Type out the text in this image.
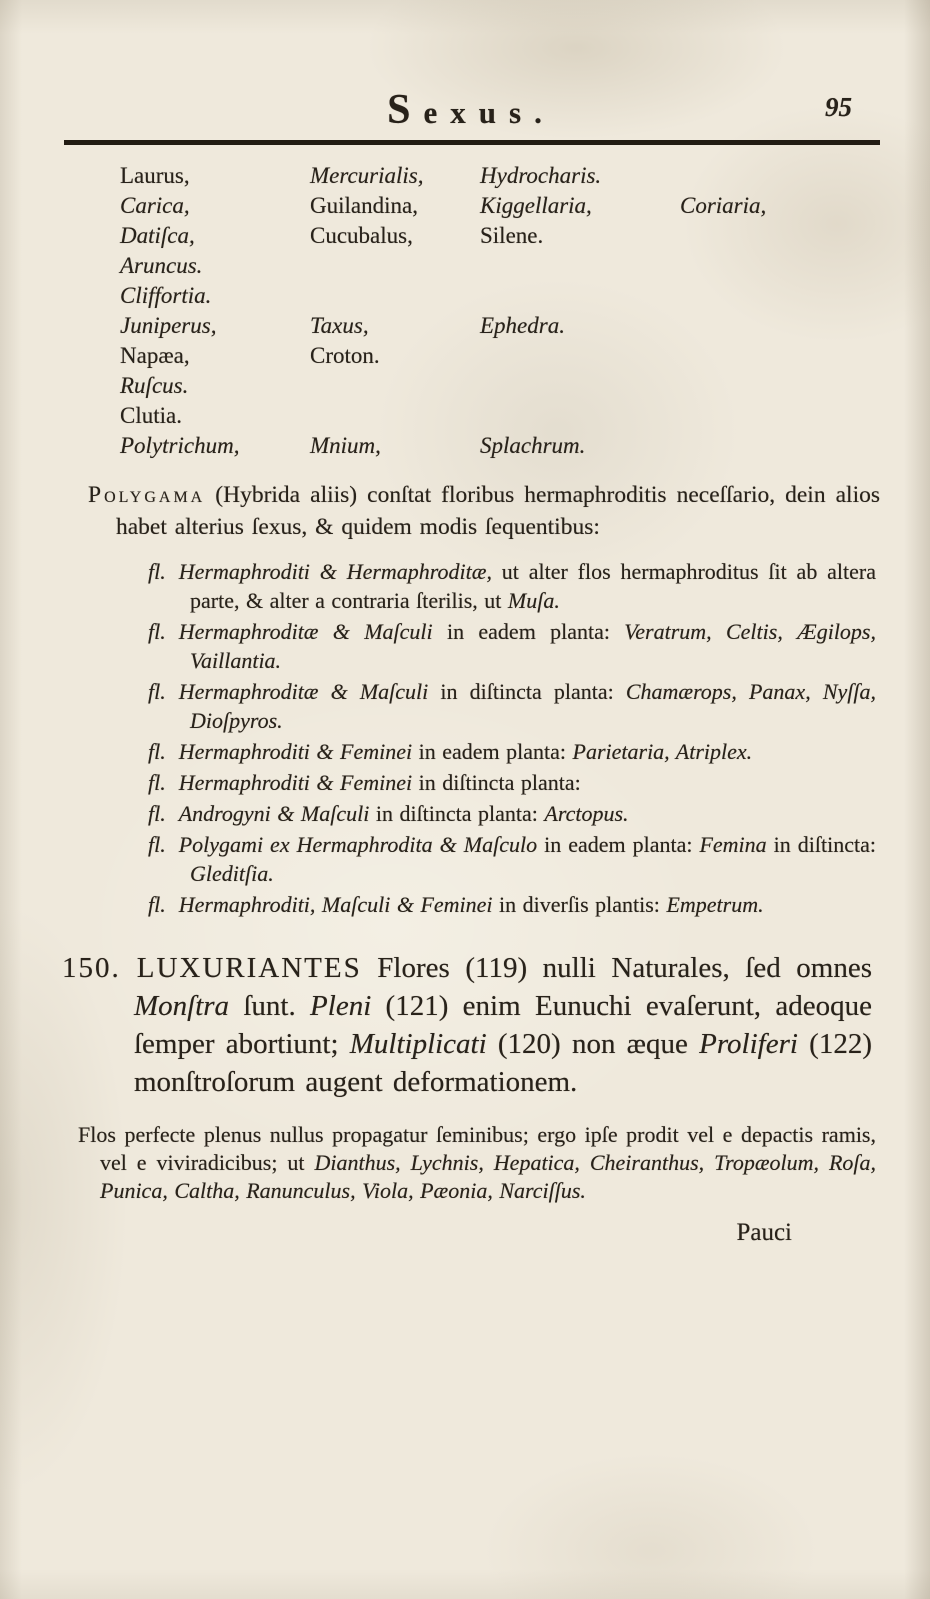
Sexus.	95
Laurus,	Mercurialis,	Hydrocharis.
Carica,	Guilandina,	Kiggellaria,	Coriaria,
Datiſca,	Cucubalus,	Silene.
Aruncus.
Cliffortia.
Juniperus,	Taxus,	Ephedra.
Napæa,	Croton.
Ruſcus.
Clutia.
Polytrichum,	Mnium,	Splachrum.

Polygama (Hybrida aliis) conſtat floribus hermaphroditis neceſſario, dein alios habet alterius ſexus, & quidem modis ſequentibus:

fl. Hermaphroditi & Hermaphroditæ, ut alter flos hermaphroditus ſit ab altera parte, & alter a contraria ſterilis, ut Muſa.
fl. Hermaphroditæ & Maſculi in eadem planta: Veratrum, Celtis, Ægilops, Vaillantia.
fl. Hermaphroditæ & Maſculi in diſtincta planta: Chamærops, Panax, Nyſſa, Dioſpyros.
fl. Hermaphroditi & Feminei in eadem planta: Parietaria, Atriplex.
fl. Hermaphroditi & Feminei in diſtincta planta:
fl. Androgyni & Maſculi in diſtincta planta: Arctopus.
fl. Polygami ex Hermaphrodita & Maſculo in eadem planta: Femina in diſtincta: Gleditſia.
fl. Hermaphroditi, Maſculi & Feminei in diverſis plantis: Empetrum.

150. LUXURIANTES Flores (119) nulli Naturales, ſed omnes Monſtra ſunt. Pleni (121) enim Eunuchi evaſerunt, adeoque ſemper abortiunt; Multiplicati (120) non æque Proliferi (122) monſtroſorum augent deformationem.

Flos perfecte plenus nullus propagatur ſeminibus; ergo ipſe prodit vel e depactis ramis, vel e viviradicibus; ut Dianthus, Lychnis, Hepatica, Cheiranthus, Tropæolum, Roſa, Punica, Caltha, Ranunculus, Viola, Pæonia, Narciſſus.

Pauci
